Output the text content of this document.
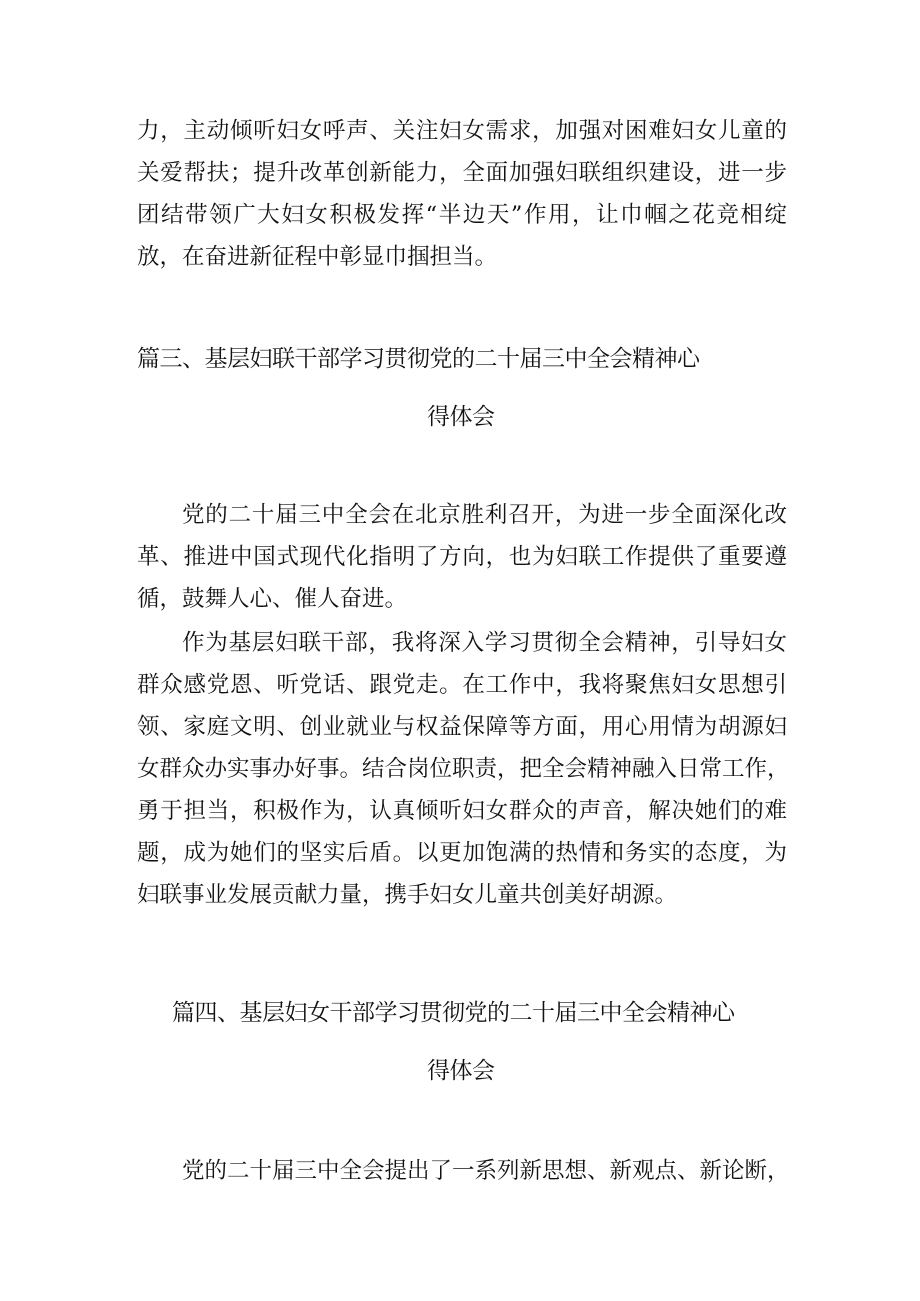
力，主动倾听妇女呼声、关注妇女需求，加强对困难妇女儿童的
关爱帮扶；提升改革创新能力，全面加强妇联组织建设，进一步
团结带领广大妇女积极发挥“半边天”作用，让巾帼之花竞相绽
放，在奋进新征程中彰显巾掴担当。
篇三、基层妇联干部学习贯彻党的二十届三中全会精神心
得体会
党的二十届三中全会在北京胜利召开，为进一步全面深化改
革、推进中国式现代化指明了方向，也为妇联工作提供了重要遵
循，鼓舞人心、催人奋进。
作为基层妇联干部，我将深入学习贯彻全会精神，引导妇女
群众感党恩、听党话、跟党走。在工作中，我将聚焦妇女思想引
领、家庭文明、创业就业与权益保障等方面，用心用情为胡源妇
女群众办实事办好事。结合岗位职责，把全会精神融入日常工作，
勇于担当，积极作为，认真倾听妇女群众的声音，解决她们的难
题，成为她们的坚实后盾。以更加饱满的热情和务实的态度，为
妇联事业发展贡献力量，携手妇女儿童共创美好胡源。
篇四、基层妇女干部学习贯彻党的二十届三中全会精神心
得体会
党的二十届三中全会提出了一系列新思想、新观点、新论断，
